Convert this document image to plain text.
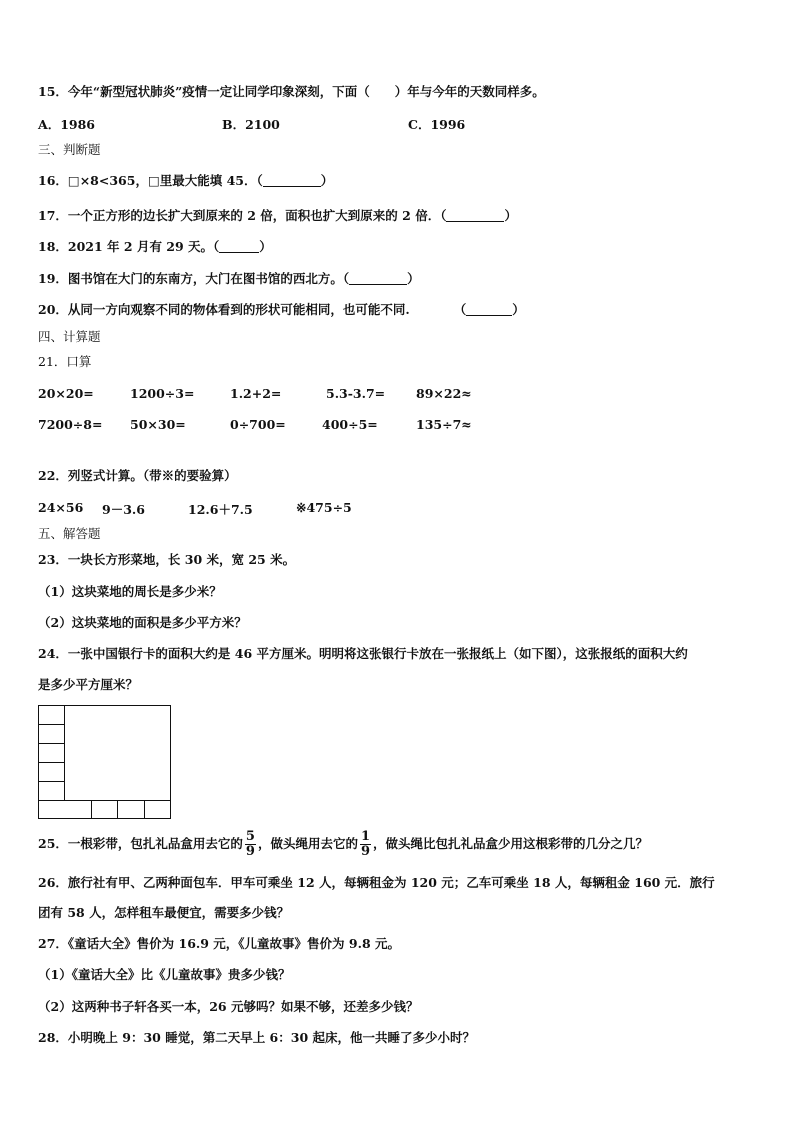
15．今年“新型冠状肺炎”疫情一定让同学印象深刻，下面（　　）年与今年的天数同样多。
A．1986	B．2100	C．1996
三、判断题
16．□×8<365，□里最大能填 45．（	）
17．一个正方形的边长扩大到原来的 2 倍，面积也扩大到原来的 2 倍．（	）
18．2021 年 2 月有 29 天。（	）
19．图书馆在大门的东南方，大门在图书馆的西北方。（	）
20．从同一方向观察不同的物体看到的形状可能相同，也可能不同.	（	）
四、计算题
21．口算
20×20=	1200÷3=	1.2+2=	5.3-3.7= 89×22≈
7200÷8= 50×30=	0÷700=	400÷5=	135÷7≈
22．列竖式计算。（带※的要验算）
24×56 9－3.6	12.6＋7.5	※475÷5
五、解答题
23．一块长方形菜地，长 30 米，宽 25 米。
（1）这块菜地的周长是多少米？
（2）这块菜地的面积是多少平方米？
24．一张中国银行卡的面积大约是 46 平方厘米。明明将这张银行卡放在一张报纸上（如下图），这张报纸的面积大约
是多少平方厘米？
25．一根彩带，包扎礼品盒用去它的 $\frac{5}{9}$ ，做头绳用去它的 $\frac{1}{9}$ ，做头绳比包扎礼品盒少用这根彩带的几分之几？
26．旅行社有甲、乙两种面包车．甲车可乘坐 12 人，每辆租金为 120 元；乙车可乘坐 18 人，每辆租金 160 元．旅行
团有 58 人，怎样租车最便宜，需要多少钱？
27．《童话大全》售价为 16.9 元，《儿童故事》售价为 9.8 元。
（1）《童话大全》比《儿童故事》贵多少钱？
（2）这两种书子轩各买一本，26 元够吗？如果不够，还差多少钱？
28．小明晚上 9：30 睡觉，第二天早上 6：30 起床，他一共睡了多少小时？
